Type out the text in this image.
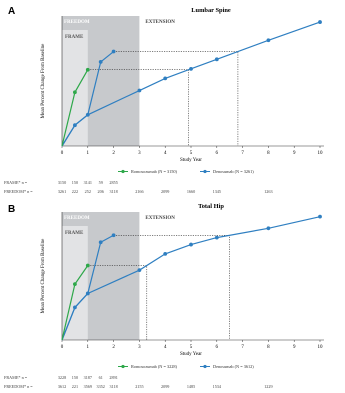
FREEDOM
FRAME
EXTENSION
0	1	2	3	4	5	6	7	8	9	10
Study Year
Mean Percent Change From Baseline
Lumbar Spine
A
Romosozumab (N = 3150)	Denosumab (N = 3261)
FRAME* n =	3150 150 3141 59 2855
FREEDOM* n =	3261 222 252 206 3118	2166	2099	1660	1345	1263
FREEDOM
FRAME
EXTENSION
0	1	2	3	4	5	6	7	8	9	10
Study Year
Mean Percent Change From Baseline
Total Hip
B
Romosozumab (N = 3228)	Denosumab (N = 3612)
FRAME* n =	3228 150 3187 61 2891
FREEDOM* n =	3612 221 3569 3352 3118	2155	2099	1485	1534	1229
